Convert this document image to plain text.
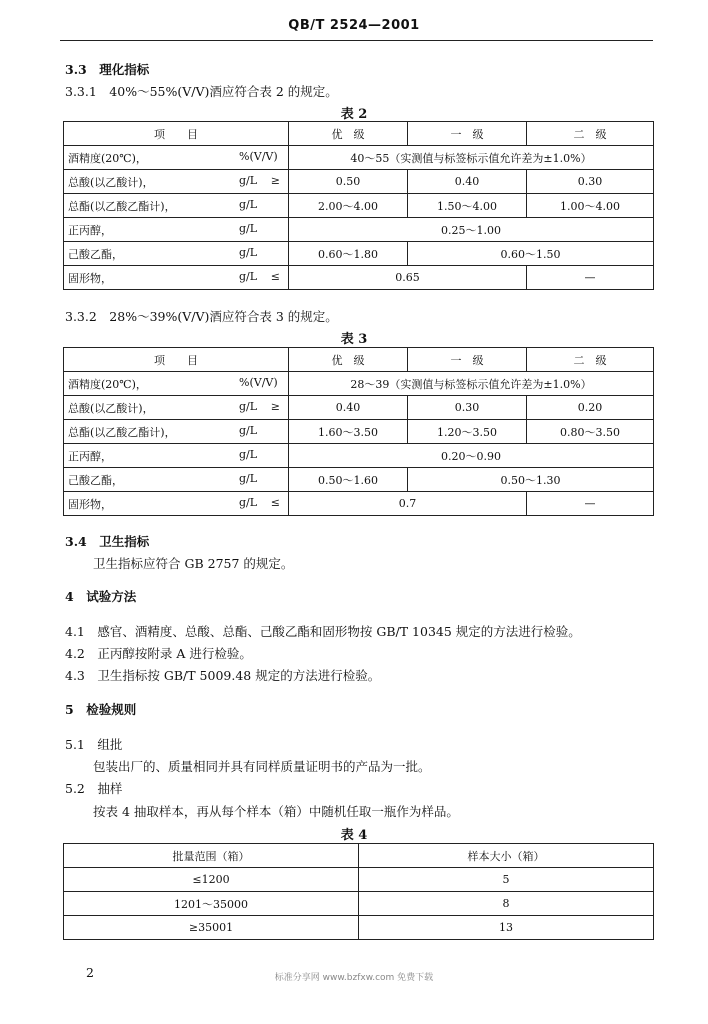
QB/T 2524—2001
3.3　理化指标
3.3.1　40%～55%(V/V)酒应符合表 2 的规定。
表 2
项　　目	优　级	一　级	二　级
酒精度(20℃)， %(V/V)	40～55（实测值与标签标示值允许差为±1.0%）		
总酸(以乙酸计)， g/L ≥	0.50	0.40	0.30
总酯(以乙酸乙酯计)， g/L	2.00～4.00	1.50～4.00	1.00～4.00
正丙醇， g/L	0.25～1.00		
己酸乙酯， g/L	0.60～1.80	0.60～1.50	
固形物， g/L ≤	0.65		—
3.3.2　28%～39%(V/V)酒应符合表 3 的规定。
表 3
项　　目	优　级	一　级	二　级
酒精度(20℃)， %(V/V)	28～39（实测值与标签标示值允许差为±1.0%）		
总酸(以乙酸计)， g/L ≥	0.40	0.30	0.20
总酯(以乙酸乙酯计)， g/L	1.60～3.50	1.20～3.50	0.80～3.50
正丙醇， g/L	0.20～0.90		
己酸乙酯， g/L	0.50～1.60	0.50～1.30	
固形物， g/L ≤	0.7		—
3.4　卫生指标
卫生指标应符合 GB 2757 的规定。
4　试验方法
4.1　感官、酒精度、总酸、总酯、己酸乙酯和固形物按 GB/T 10345 规定的方法进行检验。
4.2　正丙醇按附录 A 进行检验。
4.3　卫生指标按 GB/T 5009.48 规定的方法进行检验。
5　检验规则
5.1　组批
包装出厂的、质量相同并具有同样质量证明书的产品为一批。
5.2　抽样
按表 4 抽取样本，再从每个样本（箱）中随机任取一瓶作为样品。
表 4
批量范围（箱）	样本大小（箱）
≤1200	5
1201～35000	8
≥35001	13
2	标准分享网 www.bzfxw.com 免费下载
